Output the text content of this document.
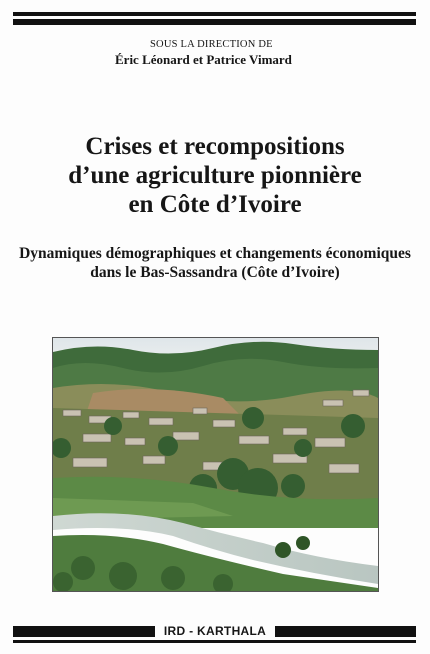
SOUS LA DIRECTION DE
Éric Léonard et Patrice Vimard
Crises et recompositions
d’une agriculture pionnière
en Côte d’Ivoire
Dynamiques démographiques et changements économiques
dans le Bas-Sassandra (Côte d’Ivoire)
IRD - KARTHALA
